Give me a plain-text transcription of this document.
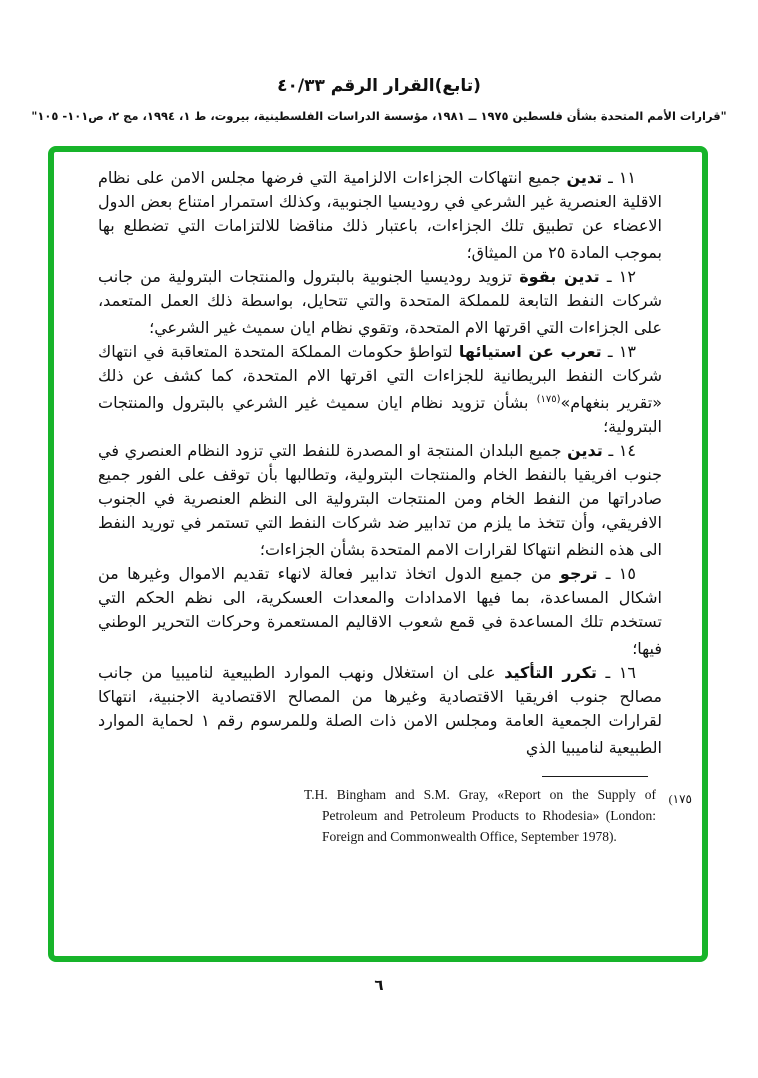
(تابع)القرار الرقم ٤٠/٣٣
"قرارات الأمم المتحدة بشأن فلسطين ١٩٧٥ ــ ١٩٨١، مؤسسة الدراسات الفلسطينية، بيروت، ط ١، ١٩٩٤، مج ٢، ص١٠١- ١٠٥"

١١ ـ تدين جميع انتهاكات الجزاءات الالزامية التي فرضها مجلس الامن على نظام الاقلية العنصرية غير الشرعي في روديسيا الجنوبية، وكذلك استمرار امتناع بعض الدول الاعضاء عن تطبيق تلك الجزاءات، باعتبار ذلك مناقضا للالتزامات التي تضطلع بها بموجب المادة ٢٥ من الميثاق؛

١٢ ـ تدين بقوة تزويد روديسيا الجنوبية بالبترول والمنتجات البترولية من جانب شركات النفط التابعة للمملكة المتحدة والتي تتحايل، بواسطة ذلك العمل المتعمد، على الجزاءات التي اقرتها الام المتحدة، وتقوي نظام ايان سميث غير الشرعي؛

١٣ ـ تعرب عن استيائها لتواطؤ حكومات المملكة المتحدة المتعاقبة في انتهاك شركات النفط البريطانية للجزاءات التي اقرتها الام المتحدة، كما كشف عن ذلك «تقرير بنغهام»$^{(١٧٥)}$ بشأن تزويد نظام ايان سميث غير الشرعي بالبترول والمنتجات البترولية؛

١٤ ـ تدين جميع البلدان المنتجة او المصدرة للنفط التي تزود النظام العنصري في جنوب افريقيا بالنفط الخام والمنتجات البترولية، وتطالبها بأن توقف على الفور جميع صادراتها من النفط الخام ومن المنتجات البترولية الى النظم العنصرية في الجنوب الافريقي، وأن تتخذ ما يلزم من تدابير ضد شركات النفط التي تستمر في توريد النفط الى هذه النظم انتهاكا لقرارات الامم المتحدة بشأن الجزاءات؛

١٥ ـ ترجو من جميع الدول اتخاذ تدابير فعالة لانهاء تقديم الاموال وغيرها من اشكال المساعدة، بما فيها الامدادات والمعدات العسكرية، الى نظم الحكم التي تستخدم تلك المساعدة في قمع شعوب الاقاليم المستعمرة وحركات التحرير الوطني فيها؛

١٦ ـ تكرر التأكيد على ان استغلال ونهب الموارد الطبيعية لناميبيا من جانب مصالح جنوب افريقيا الاقتصادية وغيرها من المصالح الاقتصادية الاجنبية، انتهاكا لقرارات الجمعية العامة ومجلس الامن ذات الصلة وللمرسوم رقم ١ لحماية الموارد الطبيعية لناميبيا الذي

(١٧٥

T.H. Bingham and S.M. Gray, «Report on the Supply of Petroleum and Petroleum Products to Rhodesia» (London: Foreign and Commonwealth Office, September 1978).

٦
